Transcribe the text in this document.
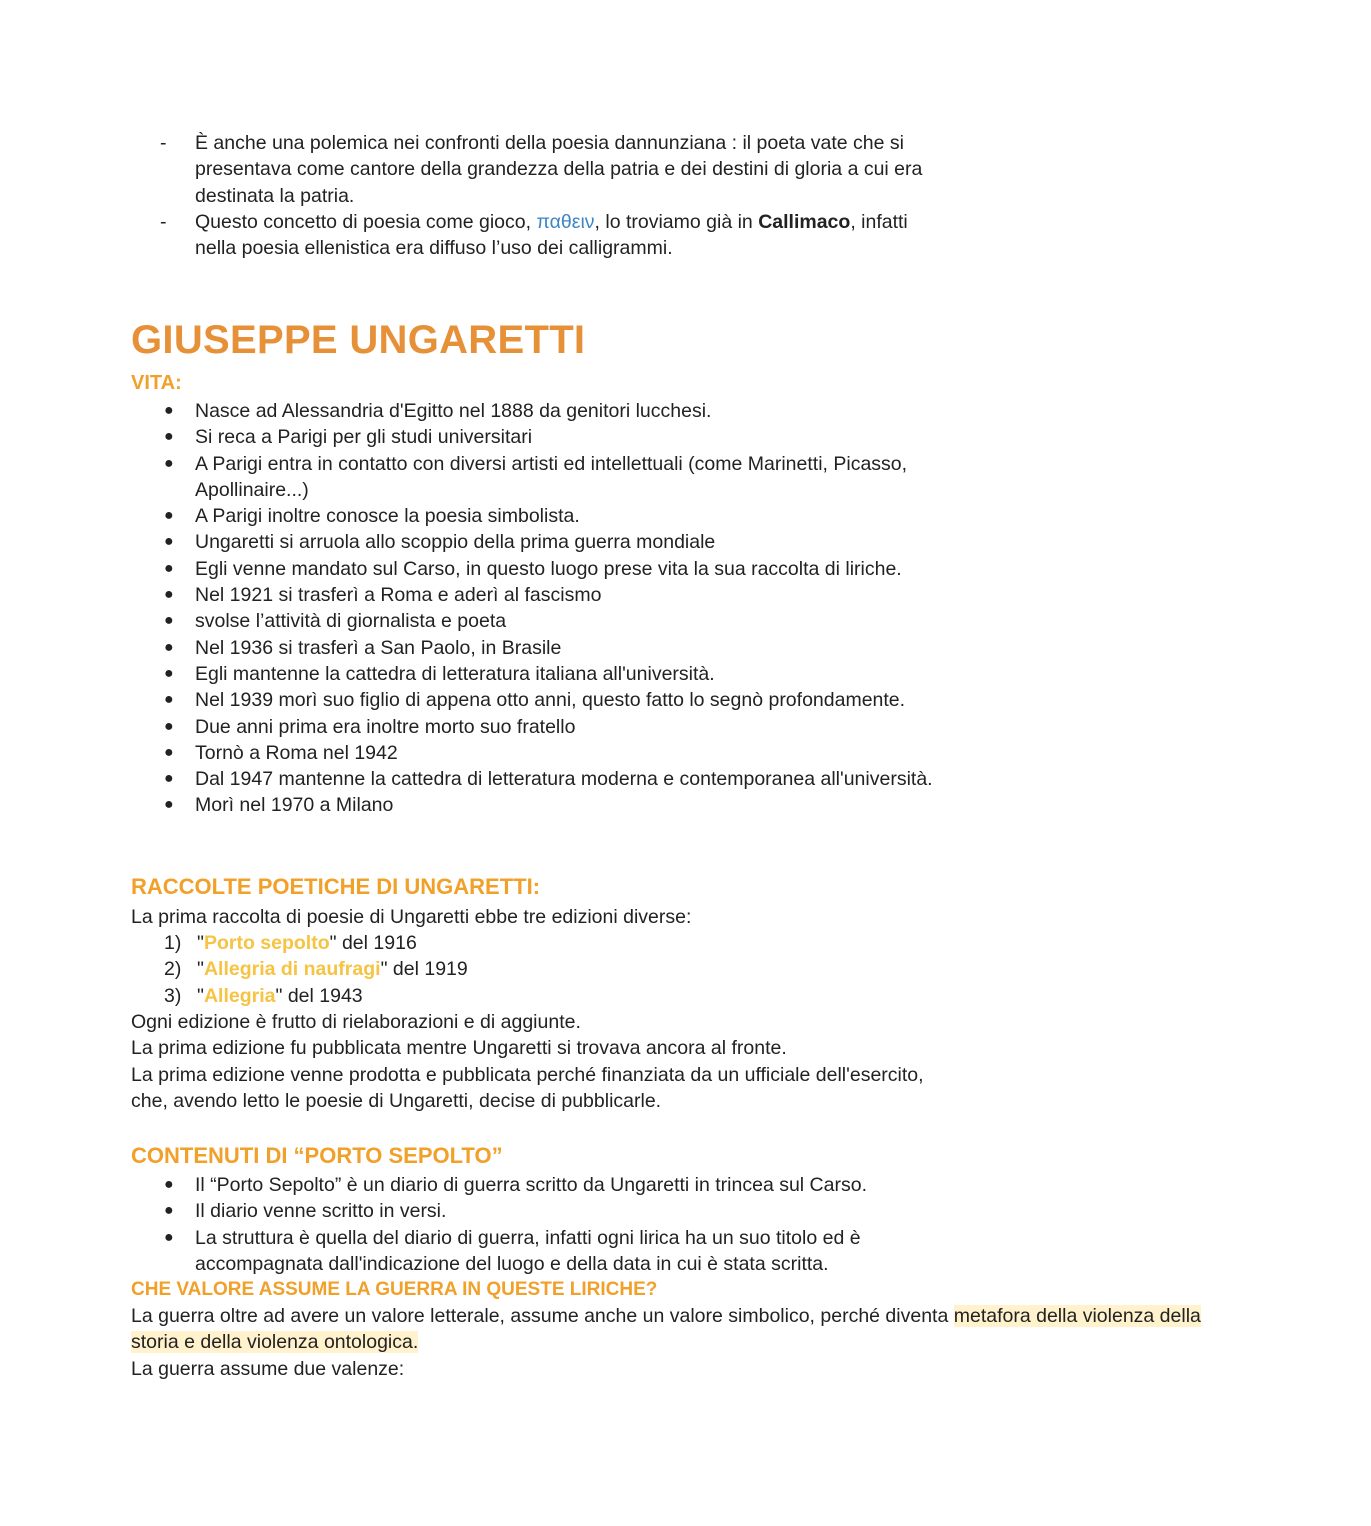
- È anche una polemica nei confronti della poesia dannunziana : il poeta vate che si presentava come cantore della grandezza della patria e dei destini di gloria a cui era destinata la patria.
- Questo concetto di poesia come gioco, παθειν, lo troviamo già in Callimaco, infatti nella poesia ellenistica era diffuso l’uso dei calligrammi.
GIUSEPPE UNGARETTI
VITA:
● Nasce ad Alessandria d'Egitto nel 1888 da genitori lucchesi.
● Si reca a Parigi per gli studi universitari
● A Parigi entra in contatto con diversi artisti ed intellettuali (come Marinetti, Picasso, Apollinaire...)
● A Parigi inoltre conosce la poesia simbolista.
● Ungaretti si arruola allo scoppio della prima guerra mondiale
● Egli venne mandato sul Carso, in questo luogo prese vita la sua raccolta di liriche.
● Nel 1921 si trasferì a Roma e aderì al fascismo
● svolse l’attività di giornalista e poeta
● Nel 1936 si trasferì a San Paolo, in Brasile
● Egli mantenne la cattedra di letteratura italiana all'università.
● Nel 1939 morì suo figlio di appena otto anni, questo fatto lo segnò profondamente.
● Due anni prima era inoltre morto suo fratello
● Tornò a Roma nel 1942
● Dal 1947 mantenne la cattedra di letteratura moderna e contemporanea all'università.
● Morì nel 1970 a Milano
RACCOLTE POETICHE DI UNGARETTI:
La prima raccolta di poesie di Ungaretti ebbe tre edizioni diverse:
1) "Porto sepolto" del 1916
2) "Allegria di naufragi" del 1919
3) "Allegria" del 1943
Ogni edizione è frutto di rielaborazioni e di aggiunte.
La prima edizione fu pubblicata mentre Ungaretti si trovava ancora al fronte.
La prima edizione venne prodotta e pubblicata perché finanziata da un ufficiale dell'esercito, che, avendo letto le poesie di Ungaretti, decise di pubblicarle.
CONTENUTI DI “PORTO SEPOLTO”
● Il “Porto Sepolto” è un diario di guerra scritto da Ungaretti in trincea sul Carso.
● Il diario venne scritto in versi.
● La struttura è quella del diario di guerra, infatti ogni lirica ha un suo titolo ed è accompagnata dall'indicazione del luogo e della data in cui è stata scritta.
CHE VALORE ASSUME LA GUERRA IN QUESTE LIRICHE?
La guerra oltre ad avere un valore letterale, assume anche un valore simbolico, perché diventa metafora della violenza della storia e della violenza ontologica.
La guerra assume due valenze:
